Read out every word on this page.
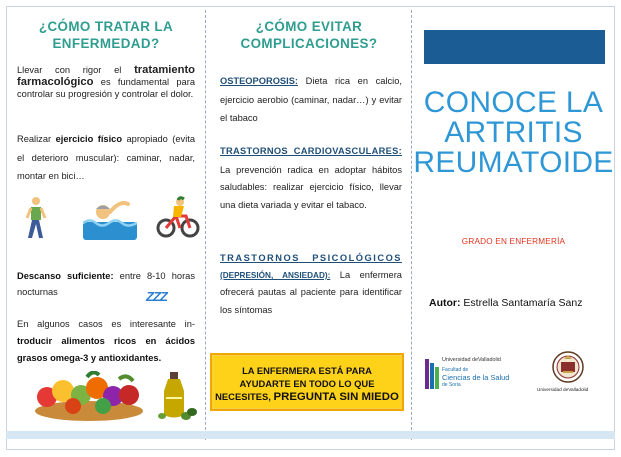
¿CÓMO TRATAR LA
ENFERMEDAD?
Llevar con rigor el tratamiento farmacológico es fundamental para controlar su progresión y controlar el dolor.
Realizar ejercicio físico apropiado (evita el deterioro muscular): caminar, nadar, montar en bici…
Descanso suficiente: entre 8-10 horas nocturnas	ZZZ
En algunos casos es interesante in-troducir alimentos ricos en ácidos grasos omega-3 y antioxidantes.
¿CÓMO EVITAR
COMPLICACIONES?
OSTEOPOROSIS: Dieta rica en calcio, ejercicio aerobio (caminar, nadar…) y evitar el tabaco
TRASTORNOS CARDIOVASCULARES:
La prevención radica en adoptar hábitos saludables: realizar ejercicio físico, llevar una dieta variada y evitar el tabaco.
TRASTORNOS PSICOLÓGICOS
(DEPRESIÓN, ANSIEDAD): La enfermera ofrecerá pautas al paciente para identificar los síntomas
LA ENFERMERA ESTÁ PARA
AYUDARTE EN TODO LO QUE
NECESITES, PREGUNTA SIN MIEDO
CONOCE LA
ARTRITIS
REUMATOIDE
GRADO EN ENFERMERÍA
Autor: Estrella Santamaría Sanz
Universidad deValladolid
Facultad de
Ciencias de la Salud
de Soria
Universidad deValladolid
